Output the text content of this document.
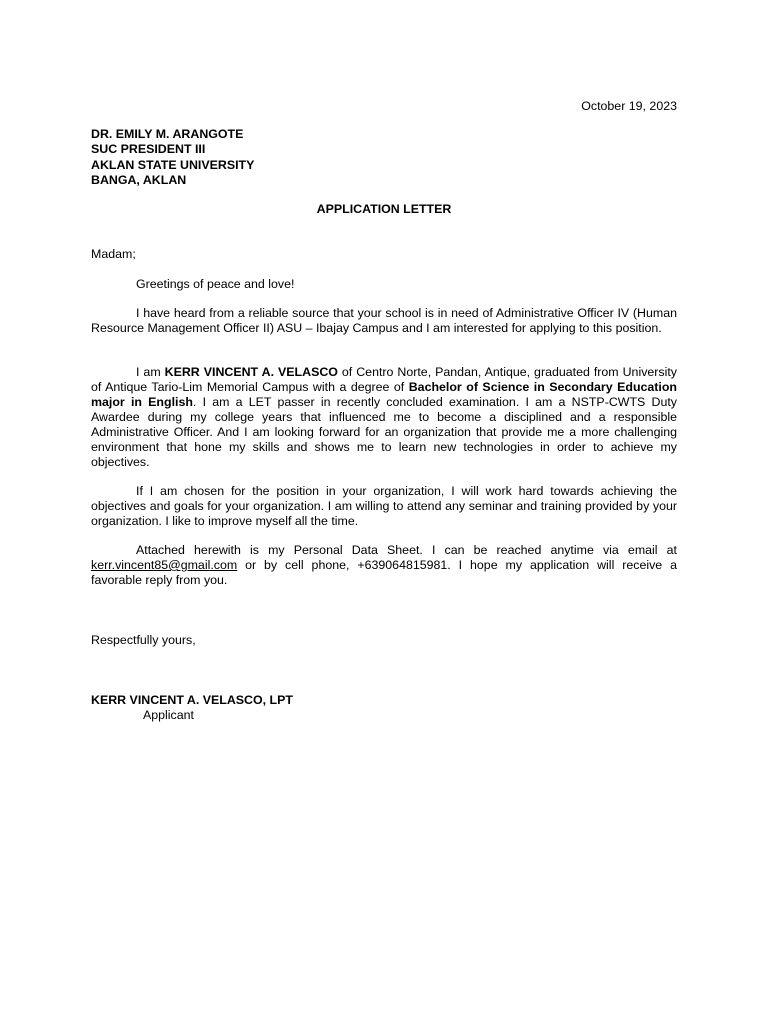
October 19, 2023
DR. EMILY M. ARANGOTE
SUC PRESIDENT III
AKLAN STATE UNIVERSITY
BANGA, AKLAN
APPLICATION LETTER
Madam;
Greetings of peace and love!

I have heard from a reliable source that your school is in need of Administrative Officer IV (Human Resource Management Officer II) ASU – Ibajay Campus and I am interested for applying to this position.

I am KERR VINCENT A. VELASCO of Centro Norte, Pandan, Antique, graduated from University of Antique Tario-Lim Memorial Campus with a degree of Bachelor of Science in Secondary Education major in English. I am a LET passer in recently concluded examination. I am a NSTP-CWTS Duty Awardee during my college years that influenced me to become a disciplined and a responsible Administrative Officer. And I am looking forward for an organization that provide me a more challenging environment that hone my skills and shows me to learn new technologies in order to achieve my objectives.

If I am chosen for the position in your organization, I will work hard towards achieving the objectives and goals for your organization. I am willing to attend any seminar and training provided by your organization. I like to improve myself all the time.

Attached herewith is my Personal Data Sheet. I can be reached anytime via email at kerr.vincent85@gmail.com or by cell phone, +639064815981. I hope my application will receive a favorable reply from you.

Respectfully yours,
KERR VINCENT A. VELASCO, LPT
Applicant
